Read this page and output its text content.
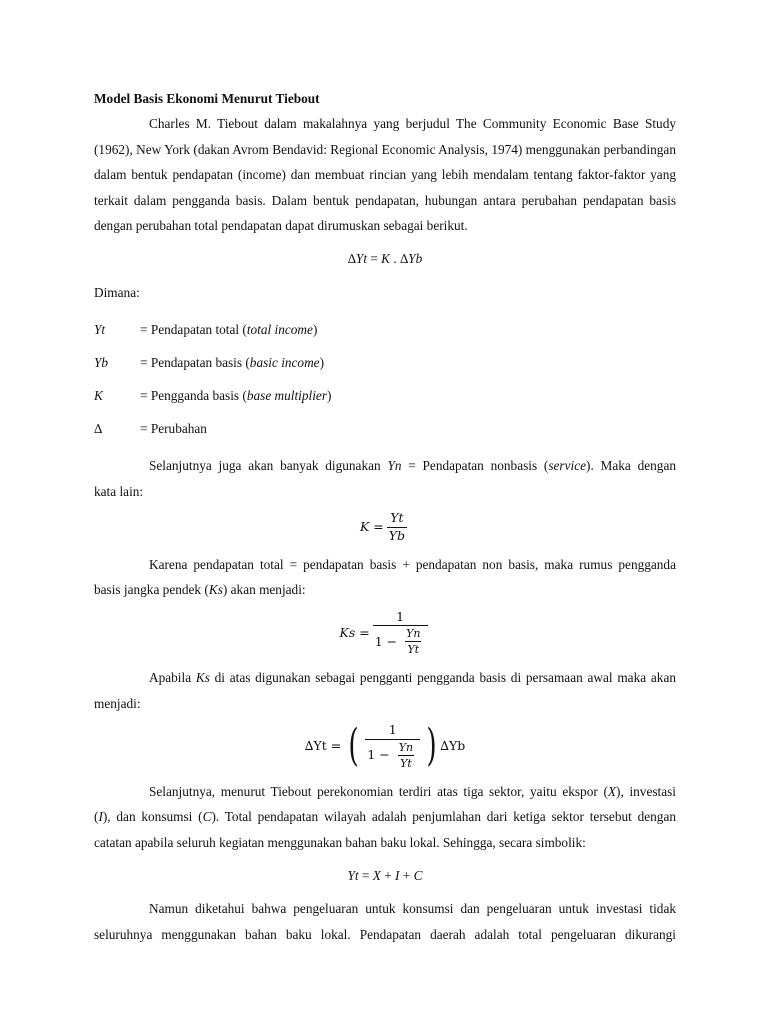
Model Basis Ekonomi Menurut Tiebout

Charles M. Tiebout dalam makalahnya yang berjudul The Community Economic Base Study (1962), New York (dakan Avrom Bendavid: Regional Economic Analysis, 1974) menggunakan perbandingan dalam bentuk pendapatan (income) dan membuat rincian yang lebih mendalam tentang faktor-faktor yang terkait dalam pengganda basis. Dalam bentuk pendapatan, hubungan antara perubahan pendapatan basis dengan perubahan total pendapatan dapat dirumuskan sebagai berikut.

∆Yt = K . ∆Yb

Dimana:

Yt	= Pendapatan total (total income)
Yb	= Pendapatan basis (basic income)
K	= Pengganda basis (base multiplier)
∆	= Perubahan

Selanjutnya juga akan banyak digunakan Yn = Pendapatan nonbasis (service). Maka dengan

kata lain:

K
= $\frac{Yt}{Yb}$

Karena pendapatan total = pendapatan basis + pendapatan non basis, maka rumus pengganda

basis jangka pendek (Ks) akan menjadi:

Ks
= 1
1
−
$\frac{Yn}{Yt}$

Apabila Ks di atas digunakan sebagai pengganti pengganda basis di persamaan awal maka akan

menjadi:

∆Yt
=
( 1
1
−
$\frac{Yn}{Yt}$ ) ∆Yb

Selanjutnya, menurut Tiebout perekonomian terdiri atas tiga sektor, yaitu ekspor (X), investasi

(I), dan konsumsi (C). Total pendapatan wilayah adalah penjumlahan dari ketiga sektor tersebut dengan

catatan apabila seluruh kegiatan menggunakan bahan baku lokal. Sehingga, secara simbolik:

Yt = X + I + C

Namun diketahui bahwa pengeluaran untuk konsumsi dan pengeluaran untuk investasi tidak

seluruhnya menggunakan bahan baku lokal. Pendapatan daerah adalah total pengeluaran dikurangi
